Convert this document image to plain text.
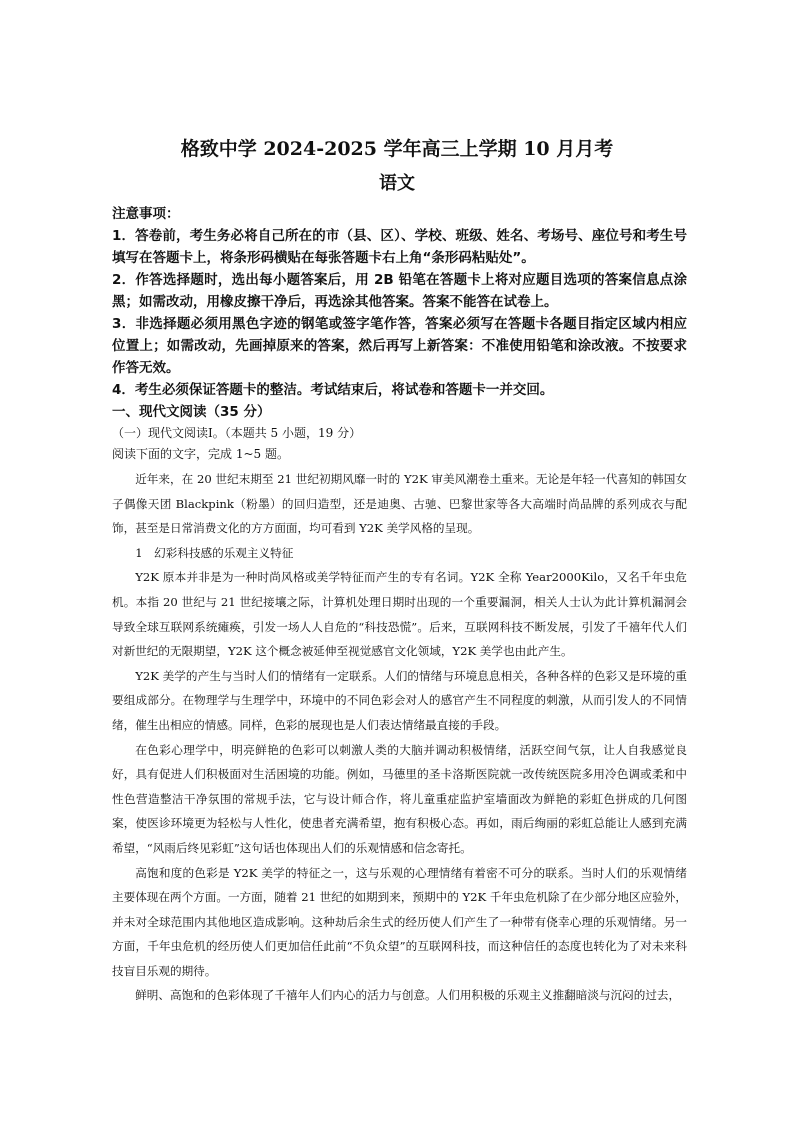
格致中学 2024-2025 学年高三上学期 10 月月考
语文

注意事项：

1．答卷前，考生务必将自己所在的市（县、区）、学校、班级、姓名、考场号、座位号和考生号填写在答题卡上，将条形码横贴在每张答题卡右上角“条形码粘贴处”。

2．作答选择题时，选出每小题答案后，用 2B 铅笔在答题卡上将对应题目选项的答案信息点涂黑；如需改动，用橡皮擦干净后，再选涂其他答案。答案不能答在试卷上。

3．非选择题必须用黑色字迹的钢笔或签字笔作答，答案必须写在答题卡各题目指定区域内相应位置上；如需改动，先画掉原来的答案，然后再写上新答案：不准使用铅笔和涂改液。不按要求作答无效。

4．考生必须保证答题卡的整洁。考试结束后，将试卷和答题卡一并交回。

一、现代文阅读（35 分）

（一）现代文阅读Ⅰ。（本题共 5 小题，19 分）

阅读下面的文字，完成 1~5 题。

近年来，在 20 世纪末期至 21 世纪初期风靡一时的 Y2K 审美风潮卷土重来。无论是年轻一代喜知的韩国女子偶像天团 Blackpink（粉墨）的回归造型，还是迪奥、古驰、巴黎世家等各大高端时尚品牌的系列成衣与配饰，甚至是日常消费文化的方方面面，均可看到 Y2K 美学风格的呈现。

1　幻彩科技感的乐观主义特征

Y2K 原本并非是为一种时尚风格或美学特征而产生的专有名词。Y2K 全称 Year2000Kilo，又名千年虫危机。本指 20 世纪与 21 世纪接壤之际，计算机处理日期时出现的一个重要漏洞，相关人士认为此计算机漏洞会导致全球互联网系统瘫痪，引发一场人人自危的“科技恐慌”。后来，互联网科技不断发展，引发了千禧年代人们对新世纪的无限期望，Y2K 这个概念被延伸至视觉感官文化领域，Y2K 美学也由此产生。

Y2K 美学的产生与当时人们的情绪有一定联系。人们的情绪与环境息息相关，各种各样的色彩又是环境的重要组成部分。在物理学与生理学中，环境中的不同色彩会对人的感官产生不同程度的刺激，从而引发人的不同情绪，催生出相应的情感。同样，色彩的展现也是人们表达情绪最直接的手段。

在色彩心理学中，明亮鲜艳的色彩可以刺激人类的大脑并调动积极情绪，活跃空间气氛，让人自我感觉良好，具有促进人们积极面对生活困境的功能。例如，马德里的圣卡洛斯医院就一改传统医院多用冷色调或柔和中性色营造整洁干净氛围的常规手法，它与设计师合作，将儿童重症监护室墙面改为鲜艳的彩虹色拼成的几何图案，使医诊环境更为轻松与人性化，使患者充满希望，抱有积极心态。再如，雨后绚丽的彩虹总能让人感到充满希望，“风雨后终见彩虹”这句话也体现出人们的乐观情感和信念寄托。

高饱和度的色彩是 Y2K 美学的特征之一，这与乐观的心理情绪有着密不可分的联系。当时人们的乐观情绪主要体现在两个方面。一方面，随着 21 世纪的如期到来，预期中的 Y2K 千年虫危机除了在少部分地区应验外，并未对全球范围内其他地区造成影响。这种劫后余生式的经历使人们产生了一种带有侥幸心理的乐观情绪。另一方面，千年虫危机的经历使人们更加信任此前“不负众望”的互联网科技，而这种信任的态度也转化为了对未来科技盲目乐观的期待。

鲜明、高饱和的色彩体现了千禧年人们内心的活力与创意。人们用积极的乐观主义推翻暗淡与沉闷的过去，
